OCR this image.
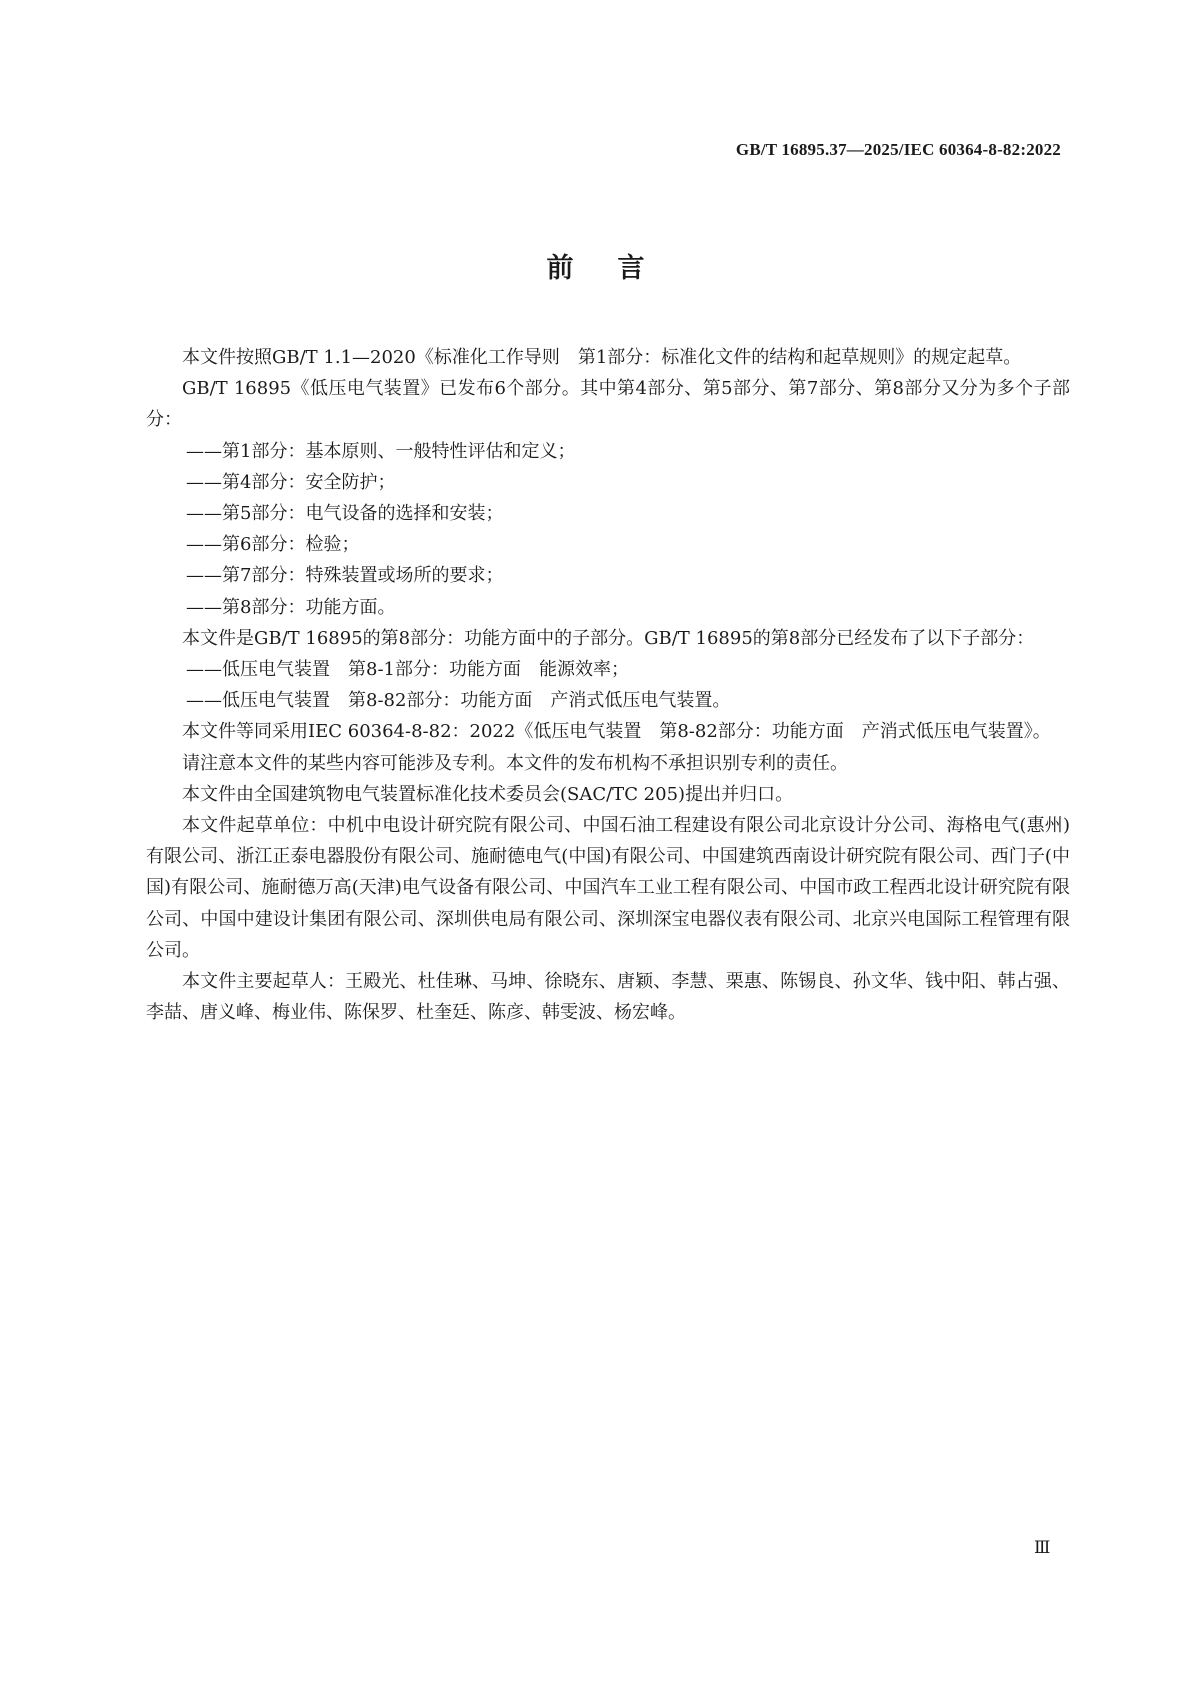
GB/T 16895.37—2025/IEC 60364-8-82:2022
前言

本文件按照GB/T 1.1—2020《标准化工作导则　第1部分：标准化文件的结构和起草规则》的规定起草。

GB/T 16895《低压电气装置》已发布6个部分。其中第4部分、第5部分、第7部分、第8部分又分为多个子部分：

——第1部分：基本原则、一般特性评估和定义；

——第4部分：安全防护；

——第5部分：电气设备的选择和安装；

——第6部分：检验；

——第7部分：特殊装置或场所的要求；

——第8部分：功能方面。

本文件是GB/T 16895的第8部分：功能方面中的子部分。GB/T 16895的第8部分已经发布了以下子部分：

——低压电气装置　第8-1部分：功能方面　能源效率；

——低压电气装置　第8-82部分：功能方面　产消式低压电气装置。

本文件等同采用IEC 60364-8-82：2022《低压电气装置　第8-82部分：功能方面　产消式低压电气装置》。

请注意本文件的某些内容可能涉及专利。本文件的发布机构不承担识别专利的责任。

本文件由全国建筑物电气装置标准化技术委员会(SAC/TC 205)提出并归口。

本文件起草单位：中机中电设计研究院有限公司、中国石油工程建设有限公司北京设计分公司、海格电气(惠州)有限公司、浙江正泰电器股份有限公司、施耐德电气(中国)有限公司、中国建筑西南设计研究院有限公司、西门子(中国)有限公司、施耐德万高(天津)电气设备有限公司、中国汽车工业工程有限公司、中国市政工程西北设计研究院有限公司、中国中建设计集团有限公司、深圳供电局有限公司、深圳深宝电器仪表有限公司、北京兴电国际工程管理有限公司。

本文件主要起草人：王殿光、杜佳琳、马坤、徐晓东、唐颖、李慧、栗惠、陈锡良、孙文华、钱中阳、韩占强、李喆、唐义峰、梅业伟、陈保罗、杜奎廷、陈彦、韩雯波、杨宏峰。

Ⅲ
